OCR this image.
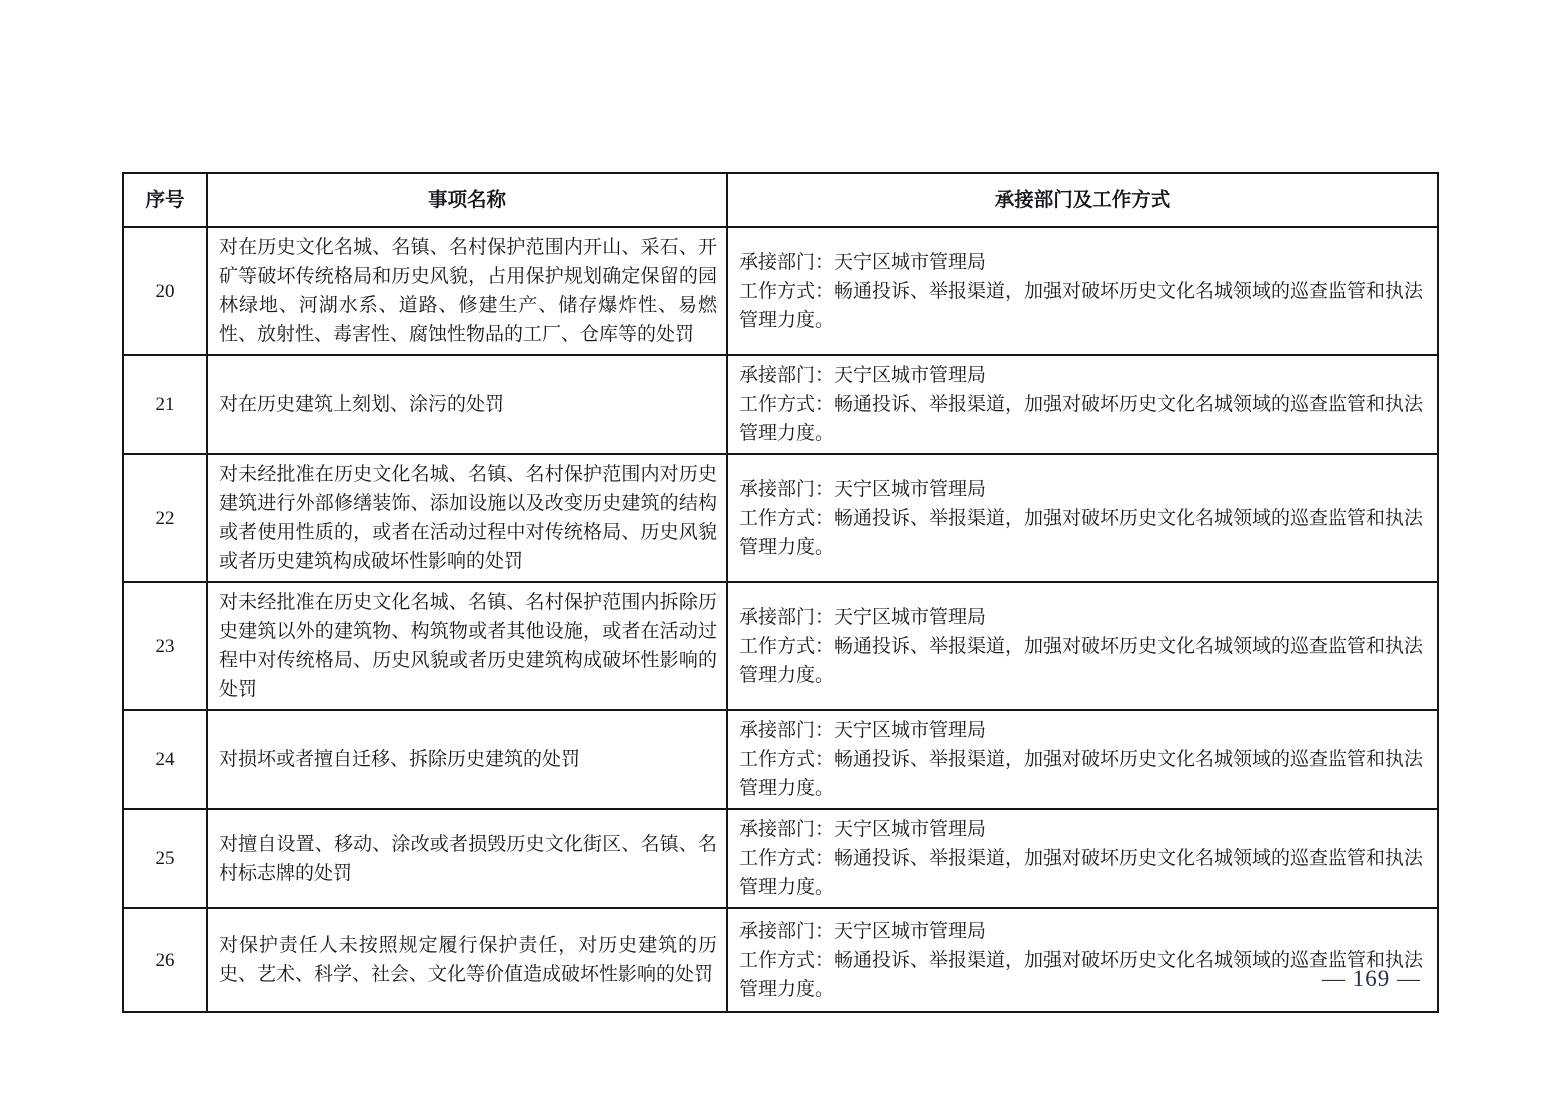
序号	事项名称	承接部门及工作方式
20	对在历史文化名城、名镇、名村保护范围内开山、采石、开矿等破坏传统格局和历史风貌，占用保护规划确定保留的园林绿地、河湖水系、道路、修建生产、储存爆炸性、易燃性、放射性、毒害性、腐蚀性物品的工厂、仓库等的处罚	承接部门：天宁区城市管理局
工作方式：畅通投诉、举报渠道，加强对破坏历史文化名城领域的巡查监管和执法管理力度。

21	对在历史建筑上刻划、涂污的处罚	承接部门：天宁区城市管理局
工作方式：畅通投诉、举报渠道，加强对破坏历史文化名城领域的巡查监管和执法管理力度。

22	对未经批准在历史文化名城、名镇、名村保护范围内对历史建筑进行外部修缮装饰、添加设施以及改变历史建筑的结构或者使用性质的，或者在活动过程中对传统格局、历史风貌或者历史建筑构成破坏性影响的处罚	承接部门：天宁区城市管理局
工作方式：畅通投诉、举报渠道，加强对破坏历史文化名城领域的巡查监管和执法管理力度。

23	对未经批准在历史文化名城、名镇、名村保护范围内拆除历史建筑以外的建筑物、构筑物或者其他设施，或者在活动过程中对传统格局、历史风貌或者历史建筑构成破坏性影响的处罚	承接部门：天宁区城市管理局
工作方式：畅通投诉、举报渠道，加强对破坏历史文化名城领域的巡查监管和执法管理力度。

24	对损坏或者擅自迁移、拆除历史建筑的处罚	承接部门：天宁区城市管理局
工作方式：畅通投诉、举报渠道，加强对破坏历史文化名城领域的巡查监管和执法管理力度。

25	对擅自设置、移动、涂改或者损毁历史文化街区、名镇、名村标志牌的处罚	承接部门：天宁区城市管理局
工作方式：畅通投诉、举报渠道，加强对破坏历史文化名城领域的巡查监管和执法管理力度。

26	对保护责任人未按照规定履行保护责任，对历史建筑的历史、艺术、科学、社会、文化等价值造成破坏性影响的处罚	承接部门：天宁区城市管理局
工作方式：畅通投诉、举报渠道，加强对破坏历史文化名城领域的巡查监管和执法管理力度。	— 169 —
